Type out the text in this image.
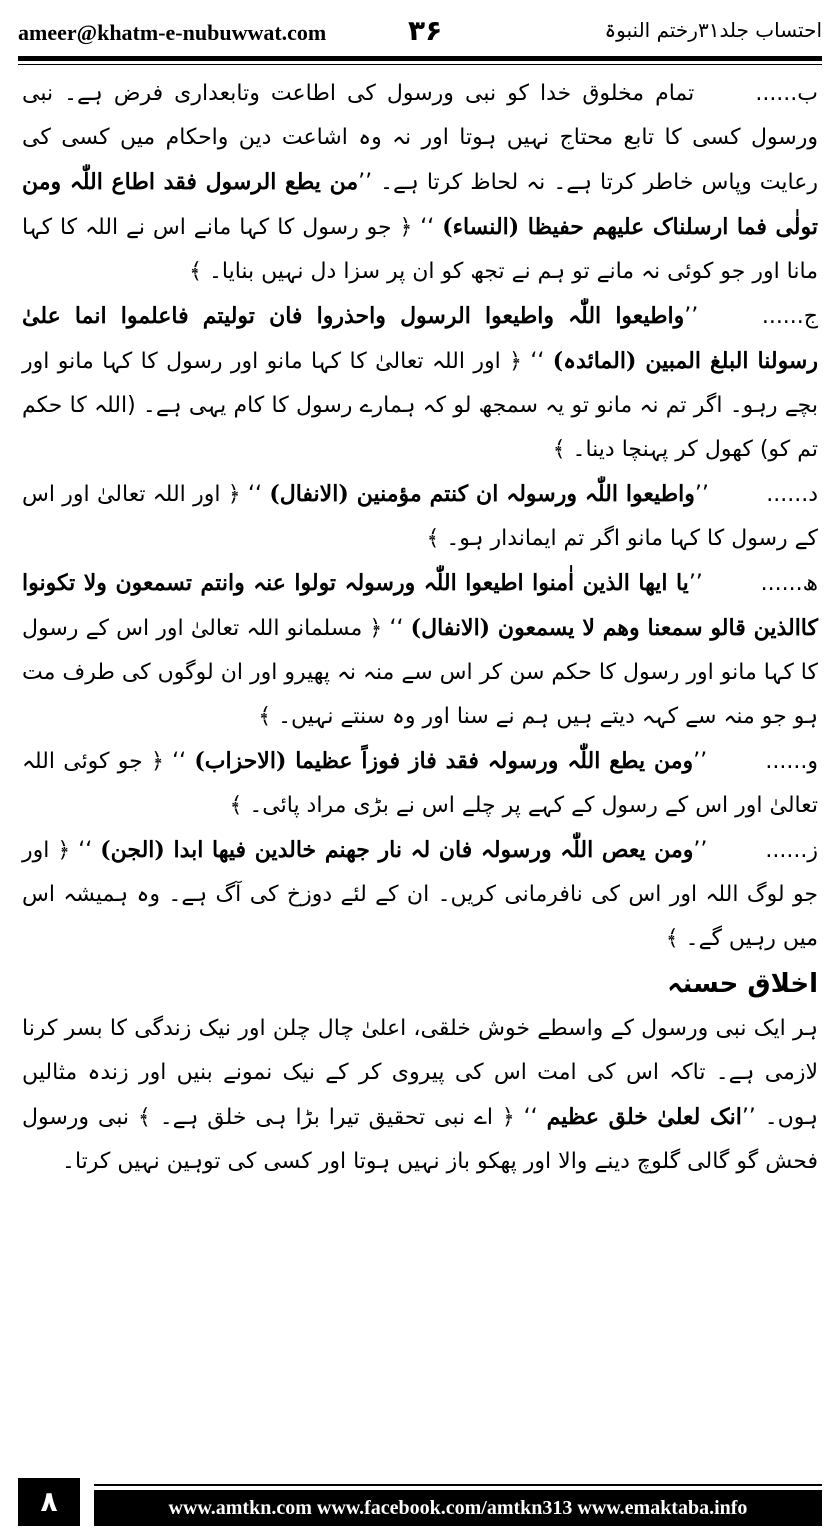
ameer@khatm-e-nubuwwat.com	۳۶	احتساب جلد۳۱رختم النبوۃ

ب...... تمام مخلوق خدا کو نبی ورسول کی اطاعت وتابعداری فرض ہے۔ نبی ورسول کسی کا تابع محتاج نہیں ہوتا اور نہ وہ اشاعت دین واحکام میں کسی کی رعایت وپاس خاطر کرتا ہے۔ نہ لحاظ کرتا ہے۔ ’’من یطع الرسول فقد اطاع اللّٰہ ومن تولٰی فما ارسلناک علیھم حفیظا (النساء) ‘‘ ﴿ جو رسول کا کہا مانے اس نے اللہ کا کہا مانا اور جو کوئی نہ مانے تو ہم نے تجھ کو ان پر سزا دل نہیں بنایا۔ ﴾

ج...... ’’واطیعوا اللّٰہ واطیعوا الرسول واحذروا فان تولیتم فاعلموا انما علیٰ رسولنا البلغ المبین (المائدہ) ‘‘ ﴿ اور اللہ تعالیٰ کا کہا مانو اور رسول کا کہا مانو اور بچے رہو۔ اگر تم نہ مانو تو یہ سمجھ لو کہ ہمارے رسول کا کام یہی ہے۔ (اللہ کا حکم تم کو) کھول کر پہنچا دینا۔ ﴾

د...... ’’واطیعوا اللّٰہ ورسولہ ان کنتم مؤمنین (الانفال) ‘‘ ﴿ اور اللہ تعالیٰ اور اس کے رسول کا کہا مانو اگر تم ایماندار ہو۔ ﴾

ھ...... ’’یا ایھا الذین اٰمنوا اطیعوا اللّٰہ ورسولہ تولوا عنہ وانتم تسمعون ولا تکونوا کاالذین قالو سمعنا وھم لا یسمعون (الانفال) ‘‘ ﴿ مسلمانو اللہ تعالیٰ اور اس کے رسول کا کہا مانو اور رسول کا حکم سن کر اس سے منہ نہ پھیرو اور ان لوگوں کی طرف مت ہو جو منہ سے کہہ دیتے ہیں ہم نے سنا اور وہ سنتے نہیں۔ ﴾

و...... ’’ومن یطع اللّٰہ ورسولہ فقد فاز فوزاً عظیما (الاحزاب) ‘‘ ﴿ جو کوئی اللہ تعالیٰ اور اس کے رسول کے کہے پر چلے اس نے بڑی مراد پائی۔ ﴾

ز...... ’’ومن یعص اللّٰہ ورسولہ فان لہ نار جھنم خالدین فیھا ابدا (الجن) ‘‘ ﴿ اور جو لوگ اللہ اور اس کی نافرمانی کریں۔ ان کے لئے دوزخ کی آگ ہے۔ وہ ہمیشہ اس میں رہیں گے۔ ﴾

اخلاق حسنہ

ہر ایک نبی ورسول کے واسطے خوش خلقی، اعلیٰ چال چلن اور نیک زندگی کا بسر کرنا لازمی ہے۔ تاکہ اس کی امت اس کی پیروی کر کے نیک نمونے بنیں اور زندہ مثالیں ہوں۔ ’’انک لعلیٰ خلق عظیم ‘‘ ﴿ اے نبی تحقیق تیرا بڑا ہی خلق ہے۔ ﴾ نبی ورسول فحش گو گالی گلوچ دینے والا اور پھکو باز نہیں ہوتا اور کسی کی توہین نہیں کرتا۔

۸	www.amtkn.com www.facebook.com/amtkn313 www.emaktaba.info
